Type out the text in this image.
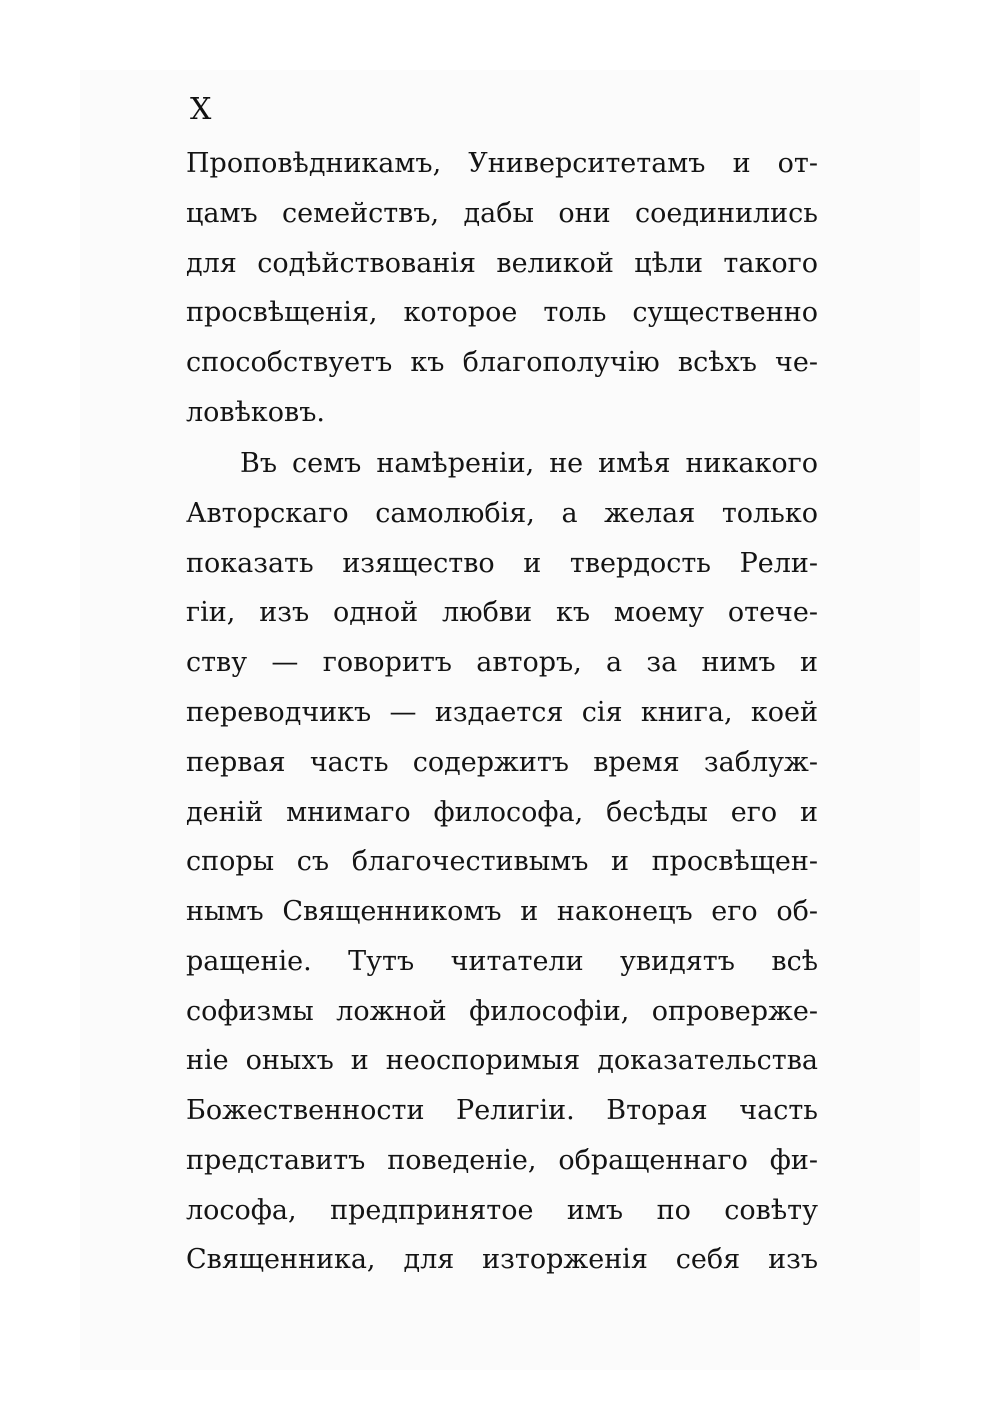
X
Проповѣдникамъ, Университетамъ и от-
цамъ семействъ, дабы они соединились
для содѣйствованія великой цѣли такого
просвѣщенія, которое толь существенно
способствуетъ къ благополучію всѣхъ че-
ловѣковъ.
Въ семъ намѣреніи, не имѣя никакого
Авторскаго самолюбія, а желая только
показать изящество и твердость Рели-
гіи, изъ одной любви къ моему отече-
ству — говоритъ авторъ, а за нимъ и
переводчикъ — издается сія книга, коей
первая часть содержитъ время заблуж-
деній мнимаго философа, бесѣды его и
споры съ благочестивымъ и просвѣщен-
нымъ Священникомъ и наконецъ его об-
ращеніе. Тутъ читатели увидятъ всѣ
софизмы ложной философіи, опроверже-
ніе оныхъ и неоспоримыя доказательства
Божественности Религіи. Вторая часть
представитъ поведеніе, обращеннаго фи-
лософа, предпринятое имъ по совѣту
Священника, для изторженія себя изъ
